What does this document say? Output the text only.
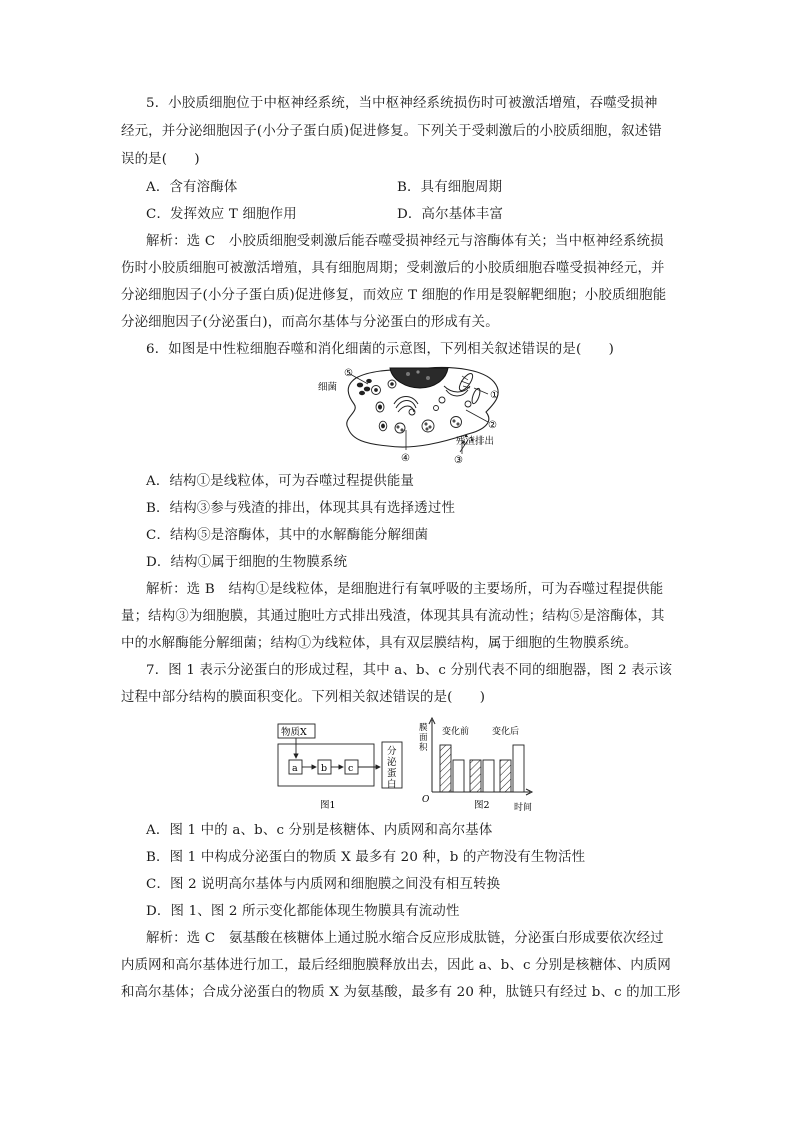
5．小胶质细胞位于中枢神经系统，当中枢神经系统损伤时可被激活增殖，吞噬受损神
经元，并分泌细胞因子(小分子蛋白质)促进修复。下列关于受刺激后的小胶质细胞，叙述错
误的是(　　)
A．含有溶酶体	B．具有细胞周期
C．发挥效应 T 细胞作用	D．高尔基体丰富
解析：选 C　小胶质细胞受刺激后能吞噬受损神经元与溶酶体有关；当中枢神经系统损
伤时小胶质细胞可被激活增殖，具有细胞周期；受刺激后的小胶质细胞吞噬受损神经元，并
分泌细胞因子(小分子蛋白质)促进修复，而效应 T 细胞的作用是裂解靶细胞；小胶质细胞能
分泌细胞因子(分泌蛋白)，而高尔基体与分泌蛋白的形成有关。
6．如图是中性粒细胞吞噬和消化细菌的示意图，下列相关叙述错误的是(　　)
⑤
①
②
③
④
细菌
残渣排出
A．结构①是线粒体，可为吞噬过程提供能量
B．结构③参与残渣的排出，体现其具有选择透过性
C．结构⑤是溶酶体，其中的水解酶能分解细菌
D．结构①属于细胞的生物膜系统
解析：选 B　结构①是线粒体，是细胞进行有氧呼吸的主要场所，可为吞噬过程提供能
量；结构③为细胞膜，其通过胞吐方式排出残渣，体现其具有流动性；结构⑤是溶酶体，其
中的水解酶能分解细菌；结构①为线粒体，具有双层膜结构，属于细胞的生物膜系统。
7．图 1 表示分泌蛋白的形成过程，其中 a、b、c 分别代表不同的细胞器，图 2 表示该
过程中部分结构的膜面积变化。下列相关叙述错误的是(　　)
物质X
a b c
分
泌
蛋
白
图1
膜
面
积
O
时间
变化前	变化后
图2
A．图 1 中的 a、b、c 分别是核糖体、内质网和高尔基体
B．图 1 中构成分泌蛋白的物质 X 最多有 20 种，b 的产物没有生物活性
C．图 2 说明高尔基体与内质网和细胞膜之间没有相互转换
D．图 1、图 2 所示变化都能体现生物膜具有流动性
解析：选 C　氨基酸在核糖体上通过脱水缩合反应形成肽链，分泌蛋白形成要依次经过
内质网和高尔基体进行加工，最后经细胞膜释放出去，因此 a、b、c 分别是核糖体、内质网
和高尔基体；合成分泌蛋白的物质 X 为氨基酸，最多有 20 种，肽链只有经过 b、c 的加工形
